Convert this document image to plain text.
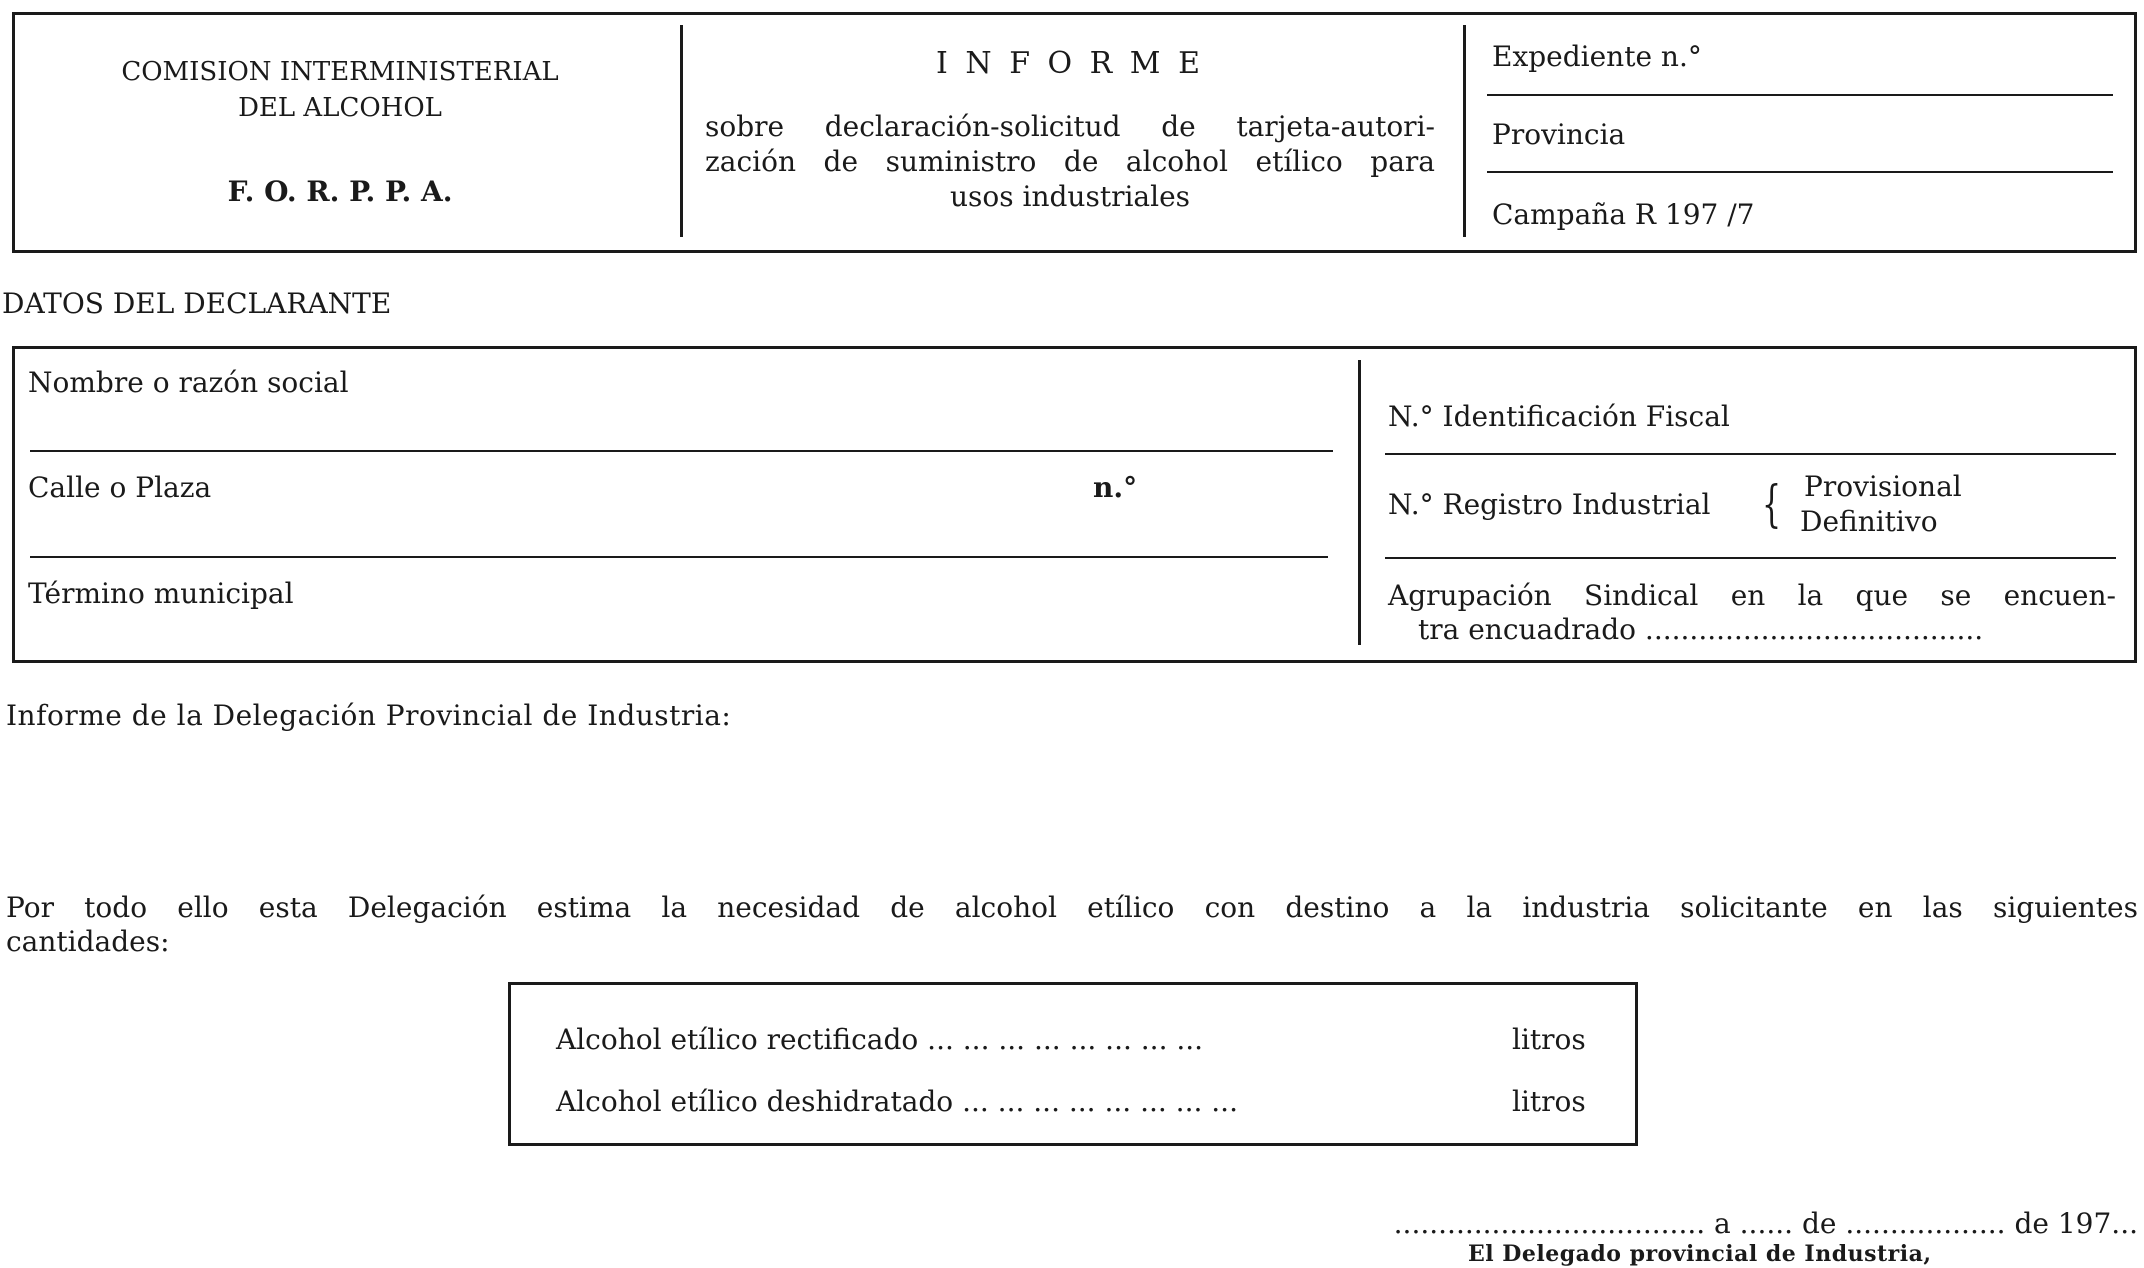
COMISION INTERMINISTERIAL
DEL ALCOHOL
F. O. R. P. P. A.
I N F O R M E
sobre declaración-solicitud de tarjeta-autori-
zación de suministro de alcohol etílico para
usos industriales
Expediente n.°
Provincia
Campaña R 197 /7
DATOS DEL DECLARANTE
Nombre o razón social
Calle o Plaza	n.°
Término municipal
N.° Identificación Fiscal
N.° Registro Industrial { Provisional
Definitivo
Agrupación Sindical en la que se encuen-
tra encuadrado ......................................
Informe de la Delegación Provincial de Industria:
Por todo ello esta Delegación estima la necesidad de alcohol etílico con destino a la industria solicitante en las siguientes
cantidades:
Alcohol etílico rectificado ... ... ... ... ... ... ... ...	litros
Alcohol etílico deshidratado ... ... ... ... ... ... ... ...	litros
................................... a ...... de .................. de 197...
El Delegado provincial de Industria,
